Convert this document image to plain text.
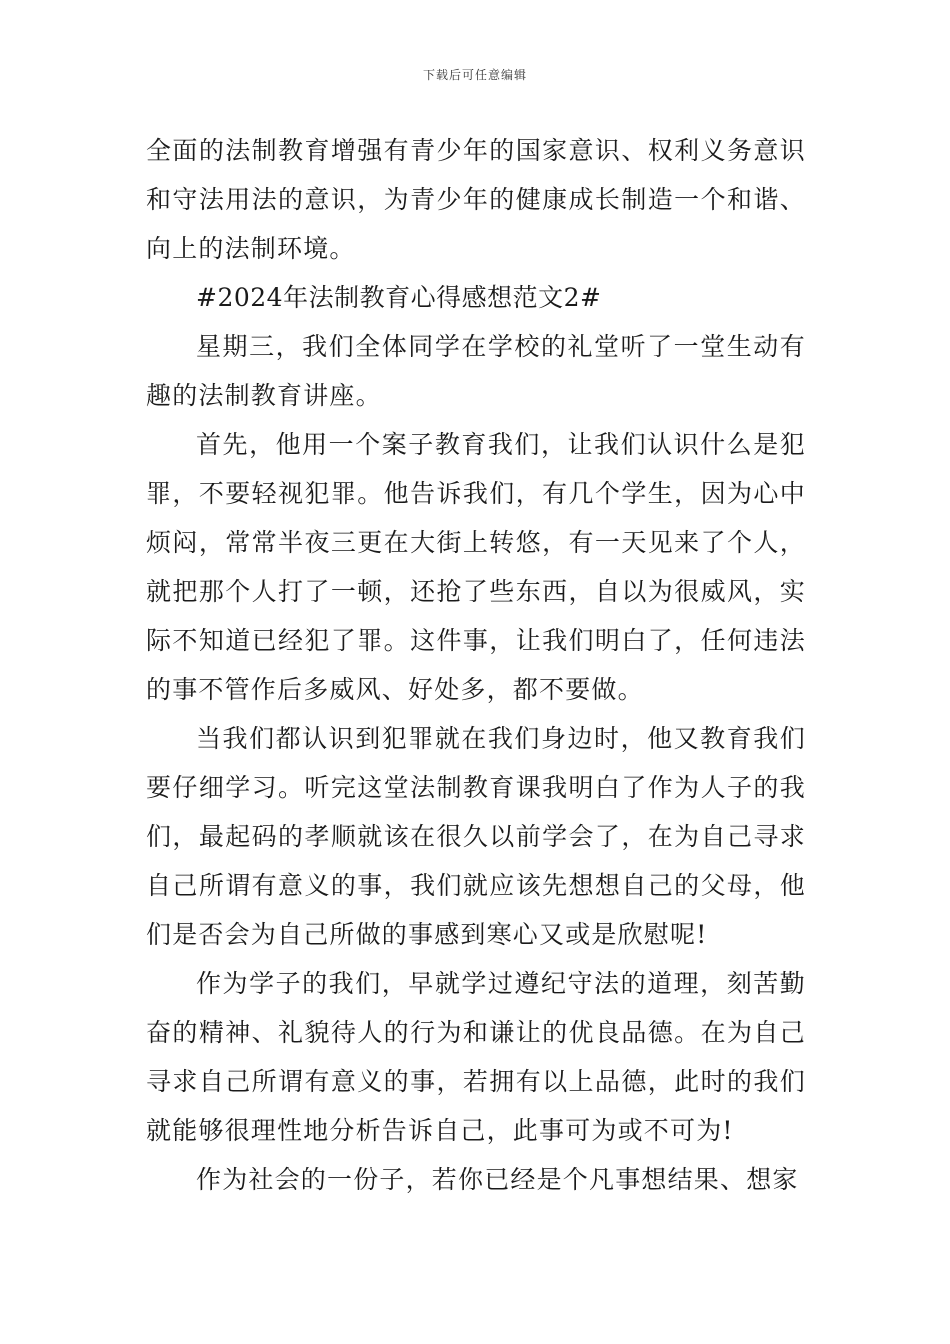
下载后可任意编辑

全面的法制教育增强有青少年的国家意识、权利义务意识和守法用法的意识，为青少年的健康成长制造一个和谐、向上的法制环境。

#2024年法制教育心得感想范文2#

星期三，我们全体同学在学校的礼堂听了一堂生动有趣的法制教育讲座。

首先，他用一个案子教育我们，让我们认识什么是犯罪，不要轻视犯罪。他告诉我们，有几个学生，因为心中烦闷，常常半夜三更在大街上转悠，有一天见来了个人，就把那个人打了一顿，还抢了些东西，自以为很威风，实际不知道已经犯了罪。这件事，让我们明白了，任何违法的事不管作后多威风、好处多，都不要做。

当我们都认识到犯罪就在我们身边时，他又教育我们要仔细学习。听完这堂法制教育课我明白了作为人子的我们，最起码的孝顺就该在很久以前学会了，在为自己寻求自己所谓有意义的事，我们就应该先想想自己的父母，他们是否会为自己所做的事感到寒心又或是欣慰呢!

作为学子的我们，早就学过遵纪守法的道理，刻苦勤奋的精神、礼貌待人的行为和谦让的优良品德。在为自己寻求自己所谓有意义的事，若拥有以上品德，此时的我们就能够很理性地分析告诉自己，此事可为或不可为!

作为社会的一份子，若你已经是个凡事想结果、想家
